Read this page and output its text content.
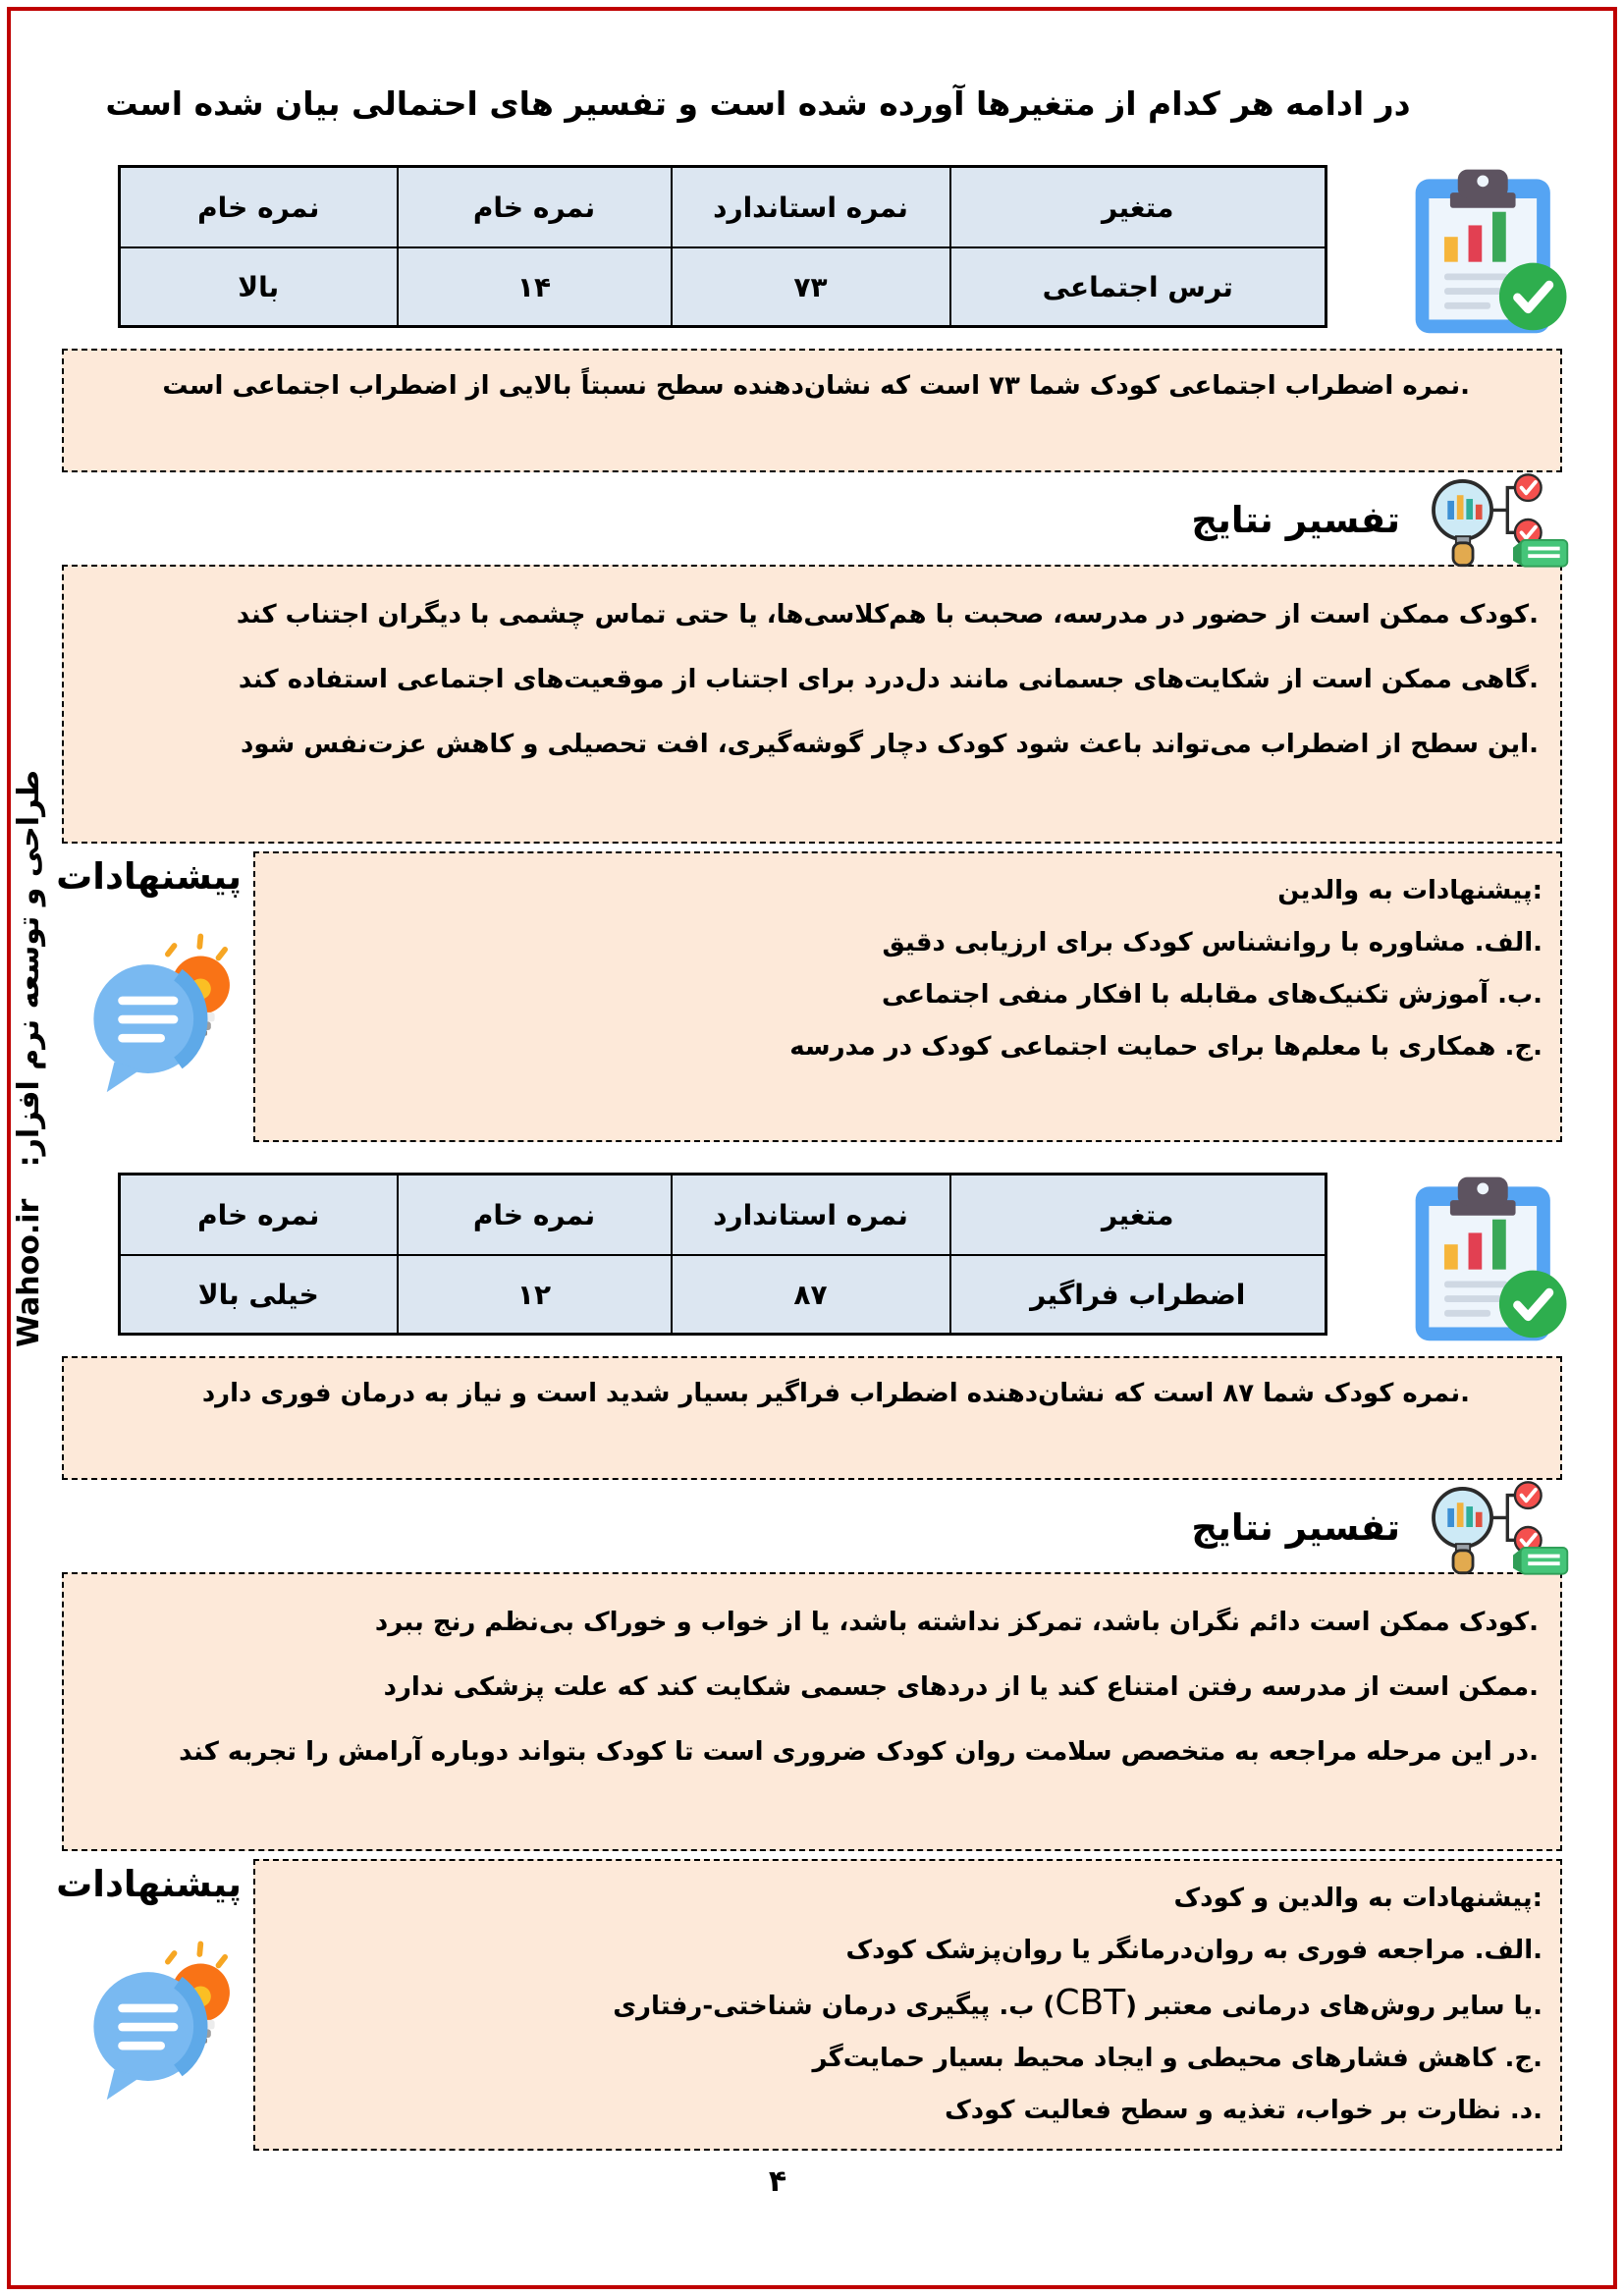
طراحی و توسعه نرم افزار:
Wahoo.ir
در ادامه هر کدام از متغیرها آورده شده است و تفسیر های احتمالی بیان شده است
متغیر	نمره استاندارد	نمره خام	نمره خام
ترس اجتماعی	۷۳	۱۴	بالا

.نمره اضطراب اجتماعی کودک شما ۷۳ است که نشان‌دهنده سطح نسبتاً بالایی از اضطراب اجتماعی است

تفسیر نتایج

.کودک ممکن است از حضور در مدرسه، صحبت با هم‌کلاسی‌ها، یا حتی تماس چشمی با دیگران اجتناب کند

.گاهی ممکن است از شکایت‌های جسمانی مانند دل‌درد برای اجتناب از موقعیت‌های اجتماعی استفاده کند

.این سطح از اضطراب می‌تواند باعث شود کودک دچار گوشه‌گیری، افت تحصیلی و کاهش عزت‌نفس شود

:پیشنهادات به والدین

.الف. مشاوره با روانشناس کودک برای ارزیابی دقیق

.ب. آموزش تکنیک‌های مقابله با افکار منفی اجتماعی

.ج. همکاری با معلم‌ها برای حمایت اجتماعی کودک در مدرسه

پیشنهادات
متغیر	نمره استاندارد	نمره خام	نمره خام
اضطراب فراگیر	۸۷	۱۲	خیلی بالا

.نمره کودک شما ۸۷ است که نشان‌دهنده اضطراب فراگیر بسیار شدید است و نیاز به درمان فوری دارد

تفسیر نتایج

.کودک ممکن است دائم نگران باشد، تمرکز نداشته باشد، یا از خواب و خوراک بی‌نظم رنج ببرد

.ممکن است از مدرسه رفتن امتناع کند یا از دردهای جسمی شکایت کند که علت پزشکی ندارد

.در این مرحله مراجعه به متخصص سلامت روان کودک ضروری است تا کودک بتواند دوباره آرامش را تجربه کند

:پیشنهادات به والدین و کودک

.الف. مراجعه فوری به روان‌درمانگر یا روان‌پزشک کودک

.یا سایر روش‌های درمانی معتبر (CBT) ب. پیگیری درمان شناختی-رفتاری

.ج. کاهش فشارهای محیطی و ایجاد محیط بسیار حمایت‌گر

.د. نظارت بر خواب، تغذیه و سطح فعالیت کودک

پیشنهادات
۴
